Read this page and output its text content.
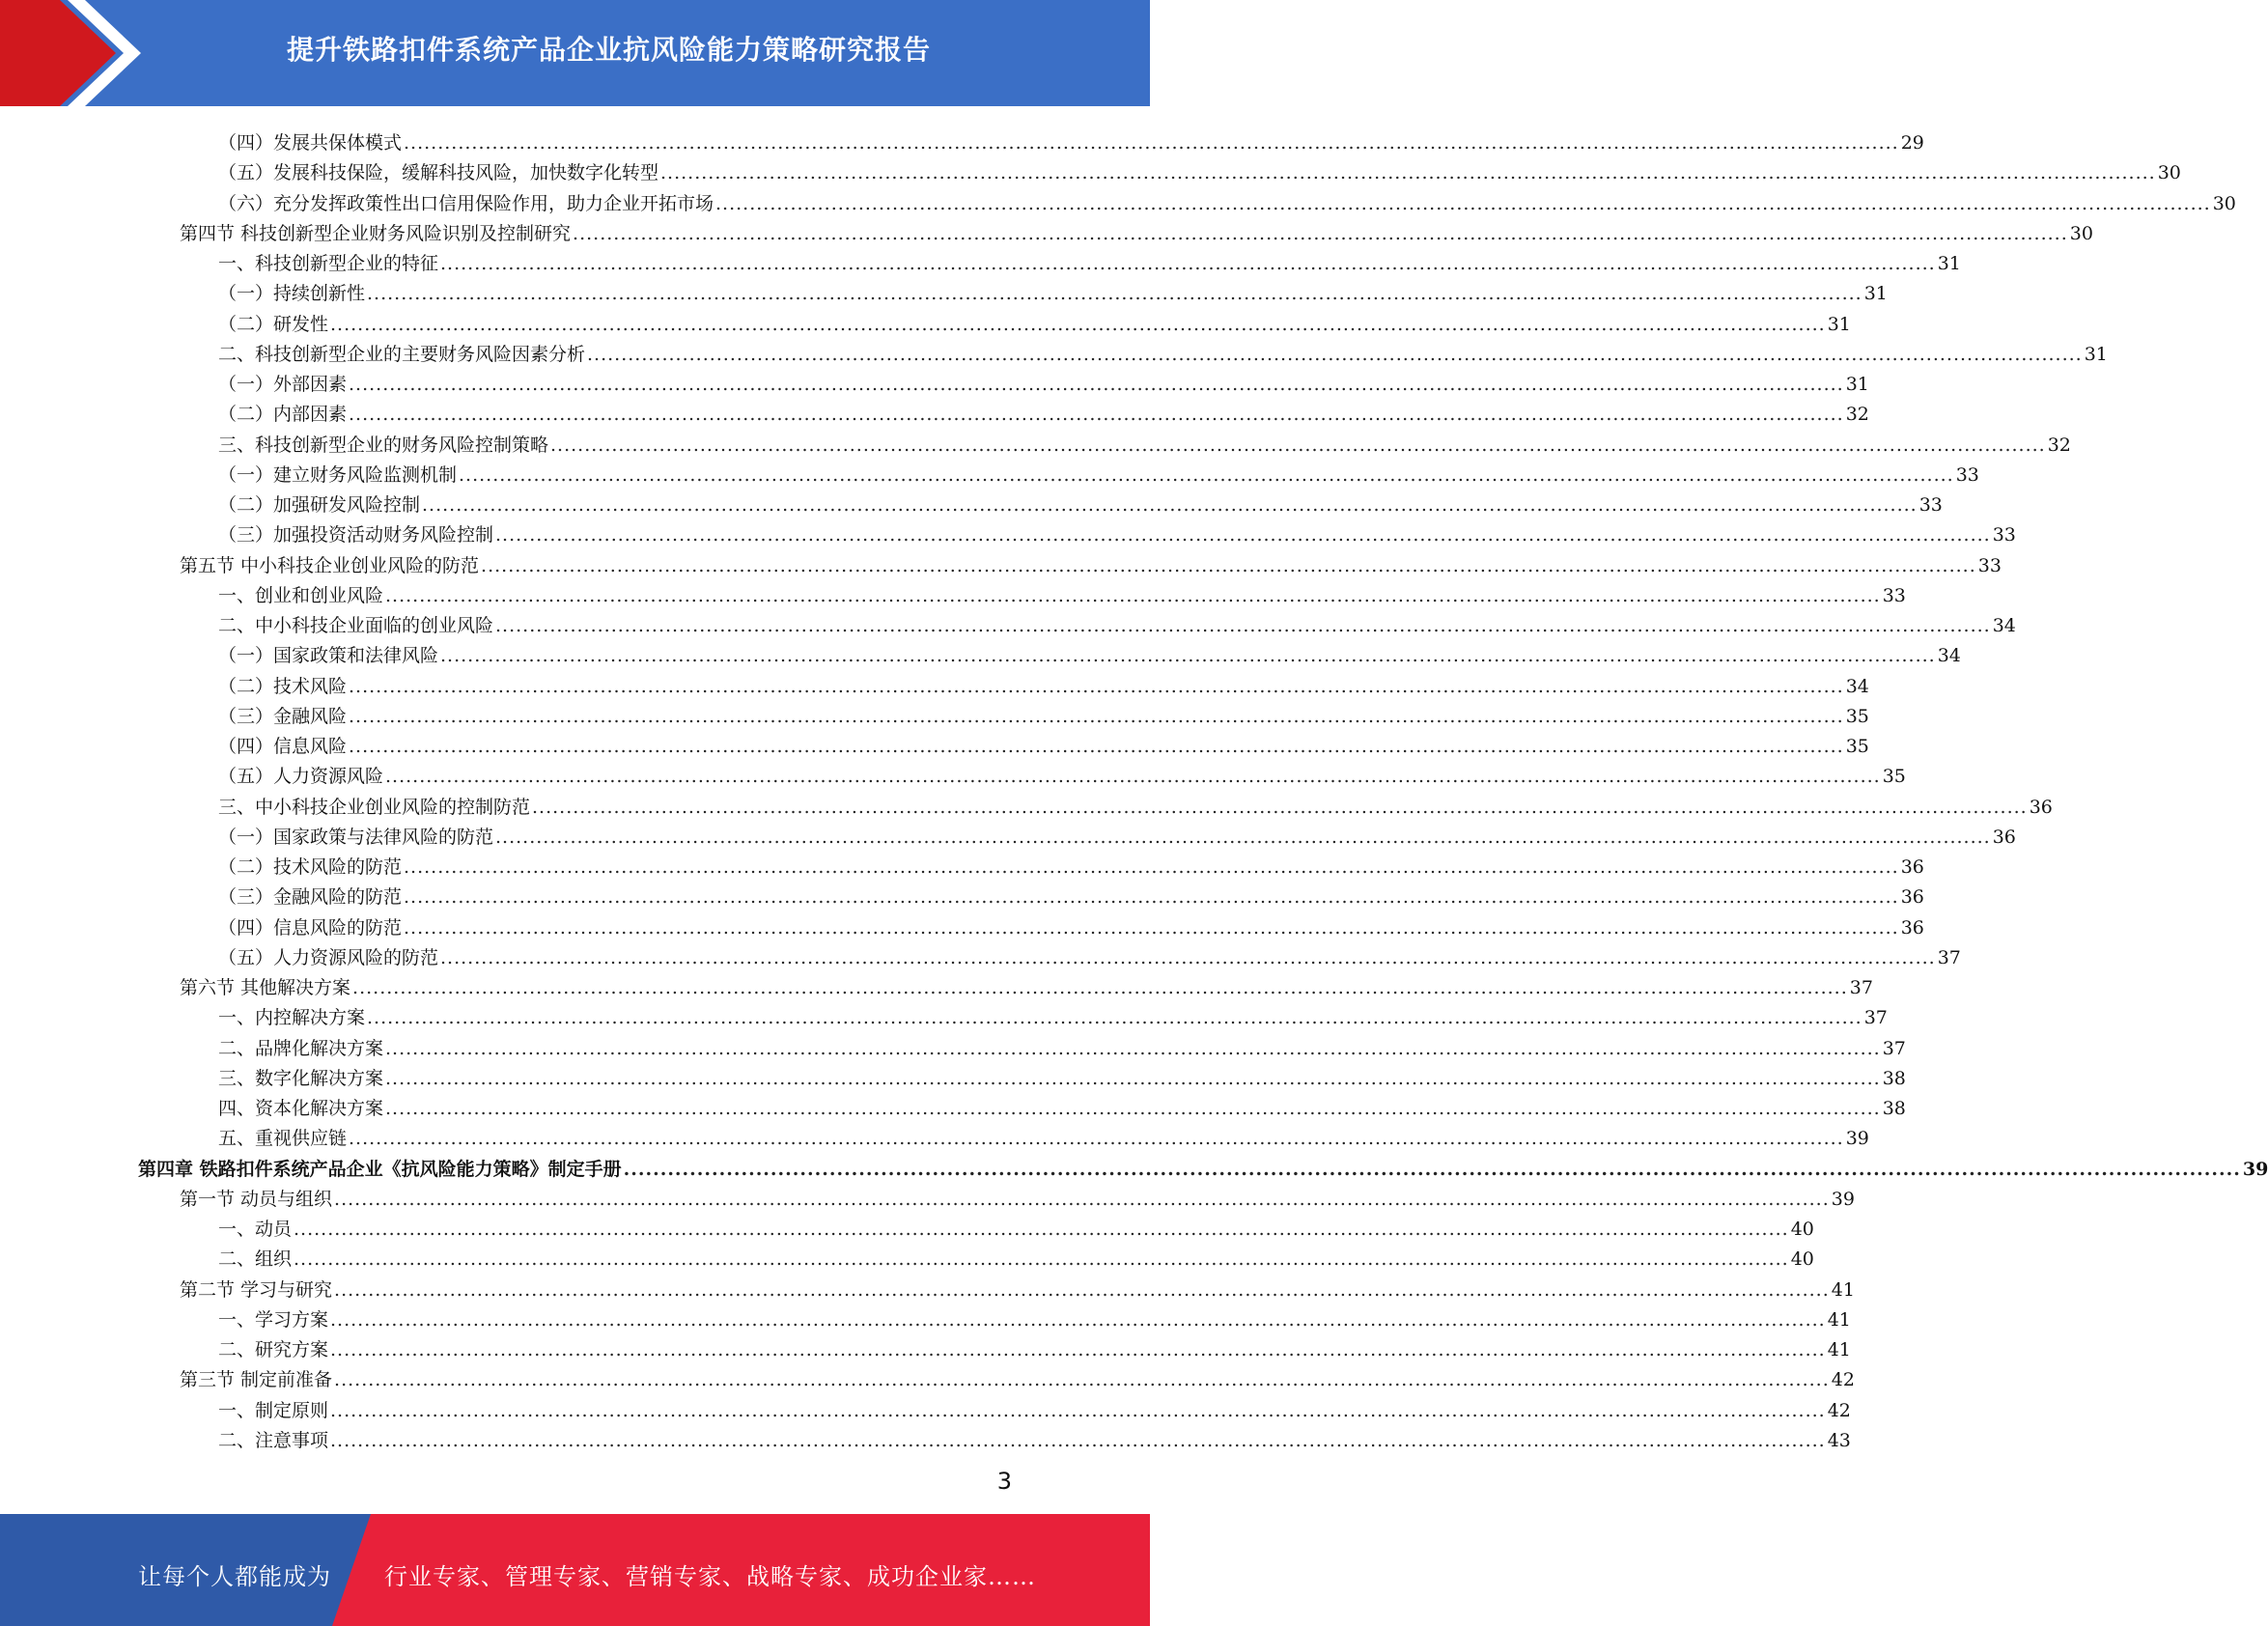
提升铁路扣件系统产品企业抗风险能力策略研究报告
（四）发展共保体模式 ............................................................................................................................................................................................................................ 29
（五）发展科技保险，缓解科技风险，加快数字化转型 ............................................................................................................................................................................................................................ 30
（六）充分发挥政策性出口信用保险作用，助力企业开拓市场 ............................................................................................................................................................................................................................ 30
第四节 科技创新型企业财务风险识别及控制研究 ............................................................................................................................................................................................................................ 30
一、科技创新型企业的特征 ............................................................................................................................................................................................................................ 31
（一）持续创新性 ............................................................................................................................................................................................................................ 31
（二）研发性 ............................................................................................................................................................................................................................ 31
二、科技创新型企业的主要财务风险因素分析 ............................................................................................................................................................................................................................ 31
（一）外部因素 ............................................................................................................................................................................................................................ 31
（二）内部因素 ............................................................................................................................................................................................................................ 32
三、科技创新型企业的财务风险控制策略 ............................................................................................................................................................................................................................ 32
（一）建立财务风险监测机制 ............................................................................................................................................................................................................................ 33
（二）加强研发风险控制 ............................................................................................................................................................................................................................ 33
（三）加强投资活动财务风险控制 ............................................................................................................................................................................................................................ 33
第五节 中小科技企业创业风险的防范 ............................................................................................................................................................................................................................ 33
一、创业和创业风险 ............................................................................................................................................................................................................................ 33
二、中小科技企业面临的创业风险 ............................................................................................................................................................................................................................ 34
（一）国家政策和法律风险 ............................................................................................................................................................................................................................ 34
（二）技术风险 ............................................................................................................................................................................................................................ 34
（三）金融风险 ............................................................................................................................................................................................................................ 35
（四）信息风险 ............................................................................................................................................................................................................................ 35
（五）人力资源风险 ............................................................................................................................................................................................................................ 35
三、中小科技企业创业风险的控制防范 ............................................................................................................................................................................................................................ 36
（一）国家政策与法律风险的防范 ............................................................................................................................................................................................................................ 36
（二）技术风险的防范 ............................................................................................................................................................................................................................ 36
（三）金融风险的防范 ............................................................................................................................................................................................................................ 36
（四）信息风险的防范 ............................................................................................................................................................................................................................ 36
（五）人力资源风险的防范 ............................................................................................................................................................................................................................ 37
第六节 其他解决方案 ............................................................................................................................................................................................................................ 37
一、内控解决方案 ............................................................................................................................................................................................................................ 37
二、品牌化解决方案 ............................................................................................................................................................................................................................ 37
三、数字化解决方案 ............................................................................................................................................................................................................................ 38
四、资本化解决方案 ............................................................................................................................................................................................................................ 38
五、重视供应链 ............................................................................................................................................................................................................................ 39
第四章 铁路扣件系统产品企业《抗风险能力策略》制定手册 ............................................................................................................................................................................................................................ 39
第一节 动员与组织 ............................................................................................................................................................................................................................ 39
一、动员 ............................................................................................................................................................................................................................ 40
二、组织 ............................................................................................................................................................................................................................ 40
第二节 学习与研究 ............................................................................................................................................................................................................................ 41
一、学习方案 ............................................................................................................................................................................................................................ 41
二、研究方案 ............................................................................................................................................................................................................................ 41
第三节 制定前准备 ............................................................................................................................................................................................................................ 42
一、制定原则 ............................................................................................................................................................................................................................ 42
二、注意事项 ............................................................................................................................................................................................................................ 43
3
让每个人都能成为 行业专家、管理专家、营销专家、战略专家、成功企业家……
